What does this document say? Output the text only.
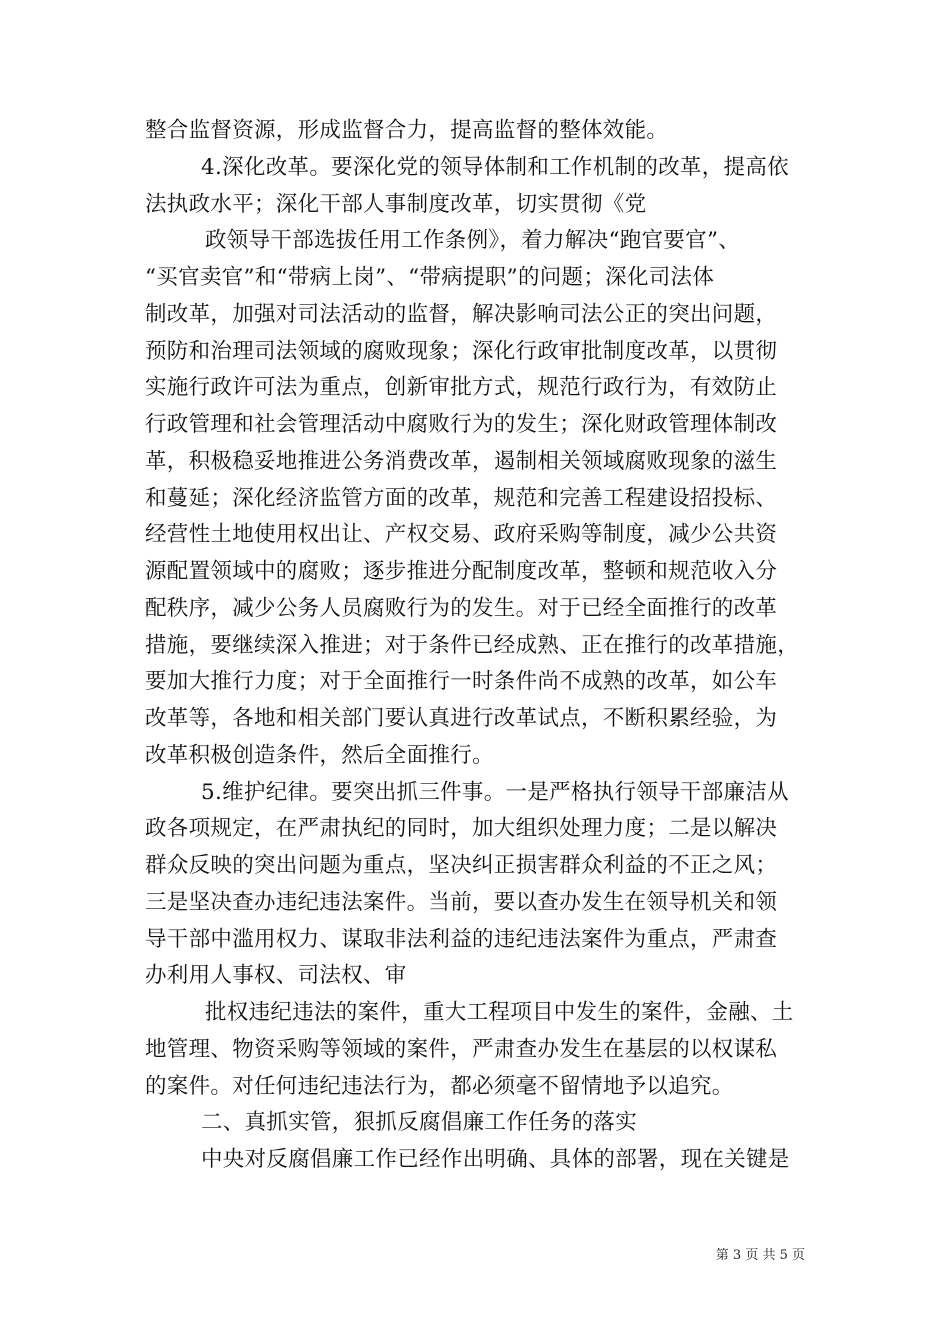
整合监督资源，形成监督合力，提高监督的整体效能。
4.深化改革。要深化党的领导体制和工作机制的改革，提高依
法执政水平；深化干部人事制度改革，切实贯彻《党
政领导干部选拔任用工作条例》，着力解决“跑官要官”、
“买官卖官”和“带病上岗”、“带病提职”的问题；深化司法体
制改革，加强对司法活动的监督，解决影响司法公正的突出问题，
预防和治理司法领域的腐败现象；深化行政审批制度改革，以贯彻
实施行政许可法为重点，创新审批方式，规范行政行为，有效防止
行政管理和社会管理活动中腐败行为的发生；深化财政管理体制改
革，积极稳妥地推进公务消费改革，遏制相关领域腐败现象的滋生
和蔓延；深化经济监管方面的改革，规范和完善工程建设招投标、
经营性土地使用权出让、产权交易、政府采购等制度，减少公共资
源配置领域中的腐败；逐步推进分配制度改革，整顿和规范收入分
配秩序，减少公务人员腐败行为的发生。对于已经全面推行的改革
措施，要继续深入推进；对于条件已经成熟、正在推行的改革措施，
要加大推行力度；对于全面推行一时条件尚不成熟的改革，如公车
改革等，各地和相关部门要认真进行改革试点，不断积累经验，为
改革积极创造条件，然后全面推行。
5.维护纪律。要突出抓三件事。一是严格执行领导干部廉洁从
政各项规定，在严肃执纪的同时，加大组织处理力度；二是以解决
群众反映的突出问题为重点，坚决纠正损害群众利益的不正之风；
三是坚决查办违纪违法案件。当前，要以查办发生在领导机关和领
导干部中滥用权力、谋取非法利益的违纪违法案件为重点，严肃查
办利用人事权、司法权、审
批权违纪违法的案件，重大工程项目中发生的案件，金融、土
地管理、物资采购等领域的案件，严肃查办发生在基层的以权谋私
的案件。对任何违纪违法行为，都必须毫不留情地予以追究。
二、真抓实管，狠抓反腐倡廉工作任务的落实
中央对反腐倡廉工作已经作出明确、具体的部署，现在关键是
第 3 页 共 5 页
